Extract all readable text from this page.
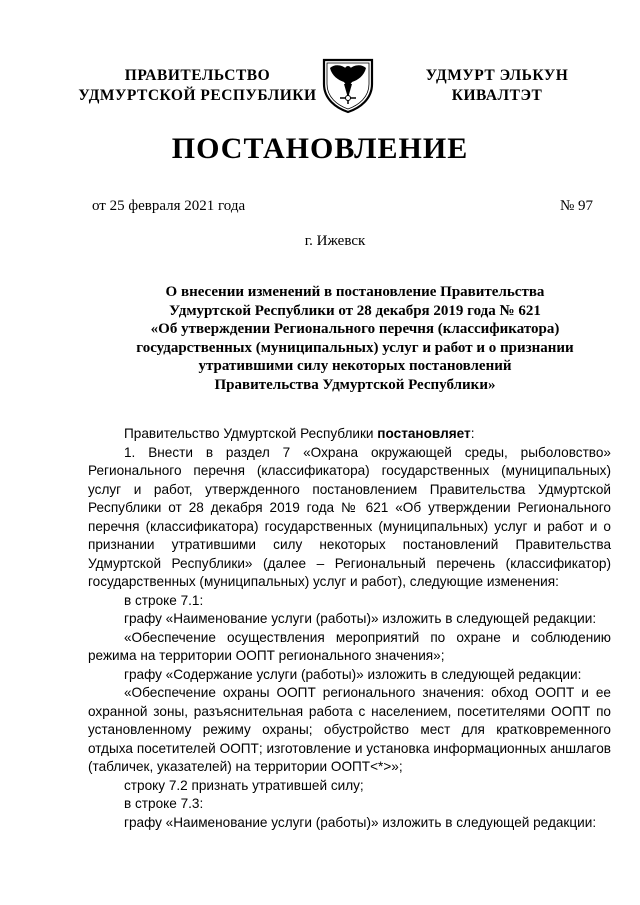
ПРАВИТЕЛЬСТВО
УДМУРТСКОЙ РЕСПУБЛИКИ
УДМУРТ ЭЛЬКУН
КИВАЛТЭТ
ПОСТАНОВЛЕНИЕ
от 25 февраля 2021 года	№ 97
г. Ижевск
О внесении изменений в постановление Правительства
Удмуртской Республики от 28 декабря 2019 года № 621
«Об утверждении Регионального перечня (классификатора)
государственных (муниципальных) услуг и работ и о признании
утратившими силу некоторых постановлений
Правительства Удмуртской Республики»

Правительство Удмуртской Республики постановляет:

1. Внести в раздел 7 «Охрана окружающей среды, рыболовство» Регионального перечня (классификатора) государственных (муниципальных) услуг и работ, утвержденного постановлением Правительства Удмуртской Республики от 28 декабря 2019 года № 621 «Об утверждении Регионального перечня (классификатора) государственных (муниципальных) услуг и работ и о признании утратившими силу некоторых постановлений Правительства Удмуртской Республики» (далее – Региональный перечень (классификатор) государственных (муниципальных) услуг и работ), следующие изменения:

в строке 7.1:

графу «Наименование услуги (работы)» изложить в следующей редакции:

«Обеспечение осуществления мероприятий по охране и соблюдению режима на территории ООПТ регионального значения»;

графу «Содержание услуги (работы)» изложить в следующей редакции:

«Обеспечение охраны ООПТ регионального значения: обход ООПТ и ее охранной зоны, разъяснительная работа с населением, посетителями ООПТ по установленному режиму охраны; обустройство мест для кратковременного отдыха посетителей ООПТ; изготовление и установка информационных аншлагов (табличек, указателей) на территории ООПТ<*>»;

строку 7.2 признать утратившей силу;

в строке 7.3:

графу «Наименование услуги (работы)» изложить в следующей редакции:
